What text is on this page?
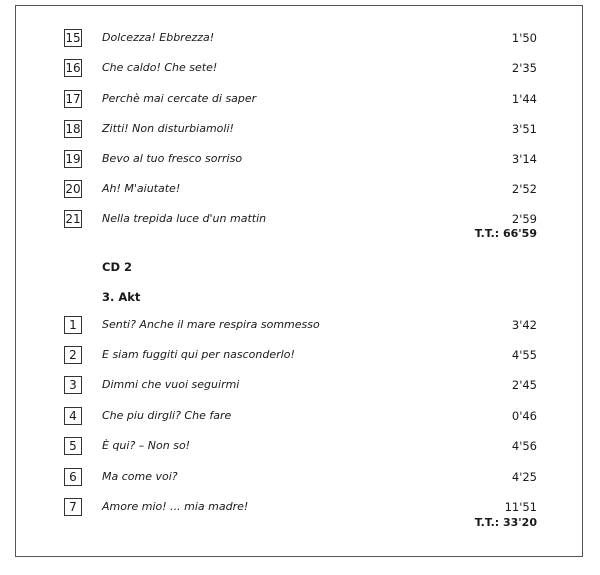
15 Dolcezza! Ebbrezza!	1'50
16 Che caldo! Che sete!	2'35
17 Perchè mai cercate di saper	1'44
18 Zitti! Non disturbiamoli!	3'51
19 Bevo al tuo fresco sorriso	3'14
20 Ah! M'aiutate!	2'52
21 Nella trepida luce d'un mattin	2'59
T.T.: 66'59
CD 2
3. Akt
1	Senti? Anche il mare respira sommesso	3'42
2	E siam fuggiti qui per nasconderlo!	4'55
3	Dimmi che vuoi seguirmi	2'45
4	Che piu dirgli? Che fare	0'46
5	È qui? – Non so!	4'56
6	Ma come voi?	4'25
7	Amore mio! ... mia madre!	11'51
T.T.: 33'20
